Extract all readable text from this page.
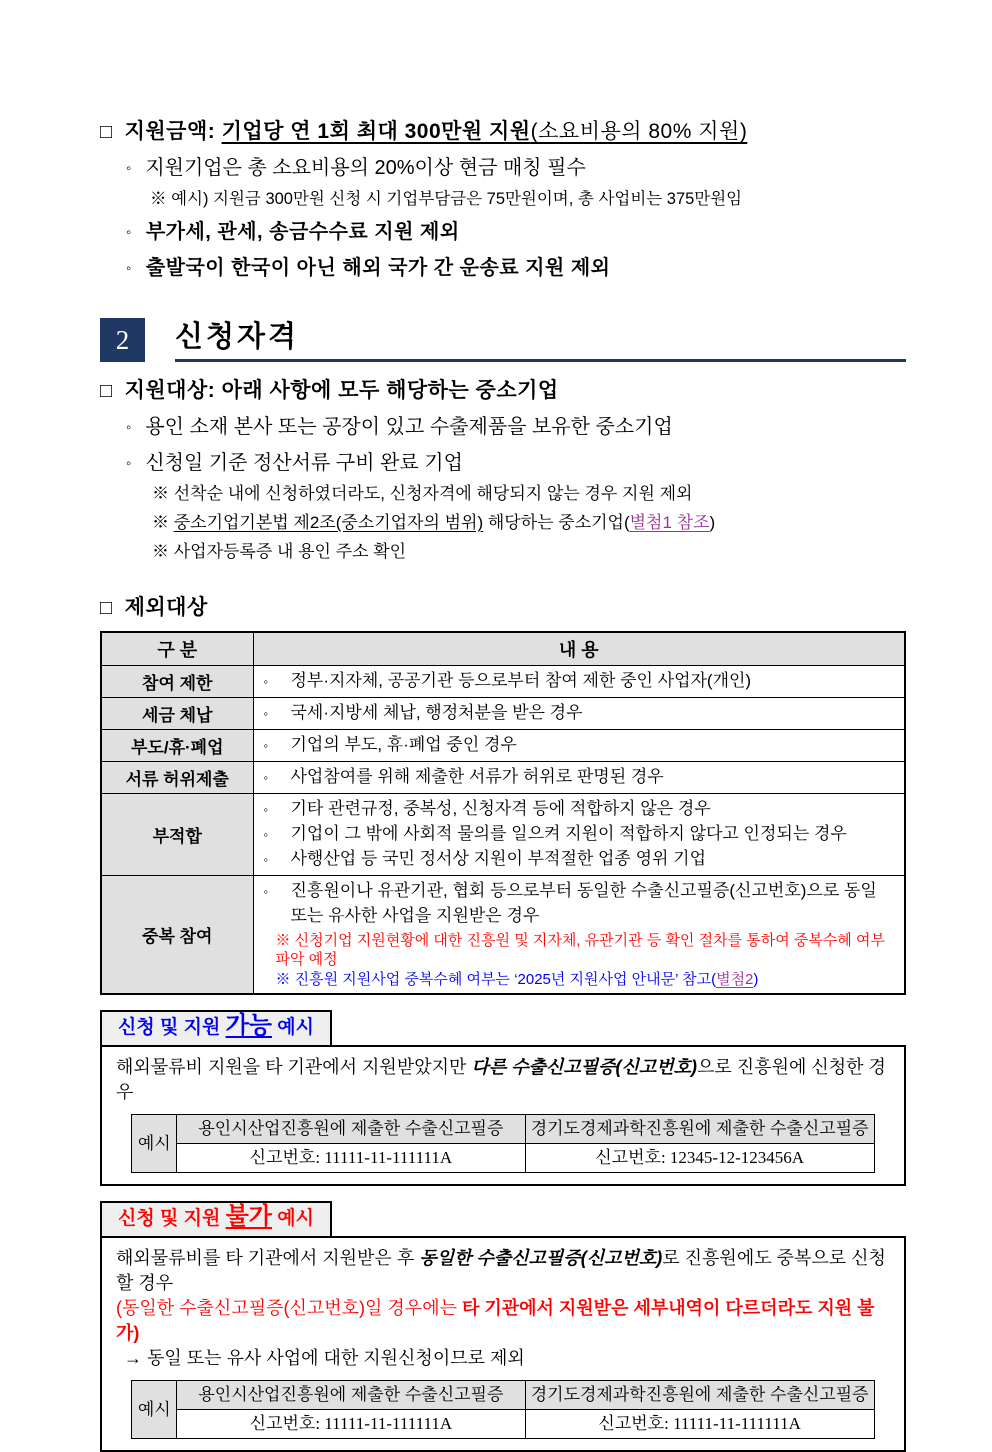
□ 지원금액: 기업당 연 1회 최대 300만원 지원(소요비용의 80% 지원)
◦ 지원기업은 총 소요비용의 20%이상 현금 매칭 필수
※ 예시) 지원금 300만원 신청 시 기업부담금은 75만원이며, 총 사업비는 375만원임
◦ 부가세, 관세, 송금수수료 지원 제외
◦ 출발국이 한국이 아닌 해외 국가 간 운송료 지원 제외
2	신청자격
□ 지원대상: 아래 사항에 모두 해당하는 중소기업
◦ 용인 소재 본사 또는 공장이 있고 수출제품을 보유한 중소기업
◦ 신청일 기준 정산서류 구비 완료 기업
※ 선착순 내에 신청하였더라도, 신청자격에 해당되지 않는 경우 지원 제외
※ 중소기업기본법 제2조(중소기업자의 범위) 해당하는 중소기업(별첨1 참조)
※ 사업자등록증 내 용인 주소 확인
□ 제외대상
구 분	내 용
참여 제한	◦ 정부·지자체, 공공기관 등으로부터 참여 제한 중인 사업자(개인)

세금 체납	◦ 국세·지방세 체납, 행정처분을 받은 경우

부도/휴·폐업	◦ 기업의 부도, 휴·폐업 중인 경우

서류 허위제출	◦ 사업참여를 위해 제출한 서류가 허위로 판명된 경우

부적합	◦ 기타 관련규정, 중복성, 신청자격 등에 적합하지 않은 경우
◦ 기업이 그 밖에 사회적 물의를 일으켜 지원이 적합하지 않다고 인정되는 경우
◦ 사행산업 등 국민 정서상 지원이 부적절한 업종 영위 기업

중복 참여	◦ 진흥원이나 유관기관, 협회 등으로부터 동일한 수출신고필증(신고번호)으로 동일 또는 유사한 사업을 지원받은 경우
※ 신청기업 지원현황에 대한 진흥원 및 지자체, 유관기관 등 확인 절차를 통하여 중복수혜 여부 파악 예정
※ 진흥원 지원사업 중복수혜 여부는 ‘2025년 지원사업 안내문’ 참고(별첨2)
신청 및 지원 가능 예시
해외물류비 지원을 타 기관에서 지원받았지만 다른 수출신고필증(신고번호)으로 진흥원에 신청한 경우
예시	용인시산업진흥원에 제출한 수출신고필증	경기도경제과학진흥원에 제출한 수출신고필증
	신고번호: 11111-11-111111A	신고번호: 12345-12-123456A
신청 및 지원 불가 예시
해외물류비를 타 기관에서 지원받은 후 동일한 수출신고필증(신고번호)로 진흥원에도 중복으로 신청할 경우
(동일한 수출신고필증(신고번호)일 경우에는 타 기관에서 지원받은 세부내역이 다르더라도 지원 불가)
→ 동일 또는 유사 사업에 대한 지원신청이므로 제외
예시	용인시산업진흥원에 제출한 수출신고필증	경기도경제과학진흥원에 제출한 수출신고필증
	신고번호: 11111-11-111111A	신고번호: 11111-11-111111A
